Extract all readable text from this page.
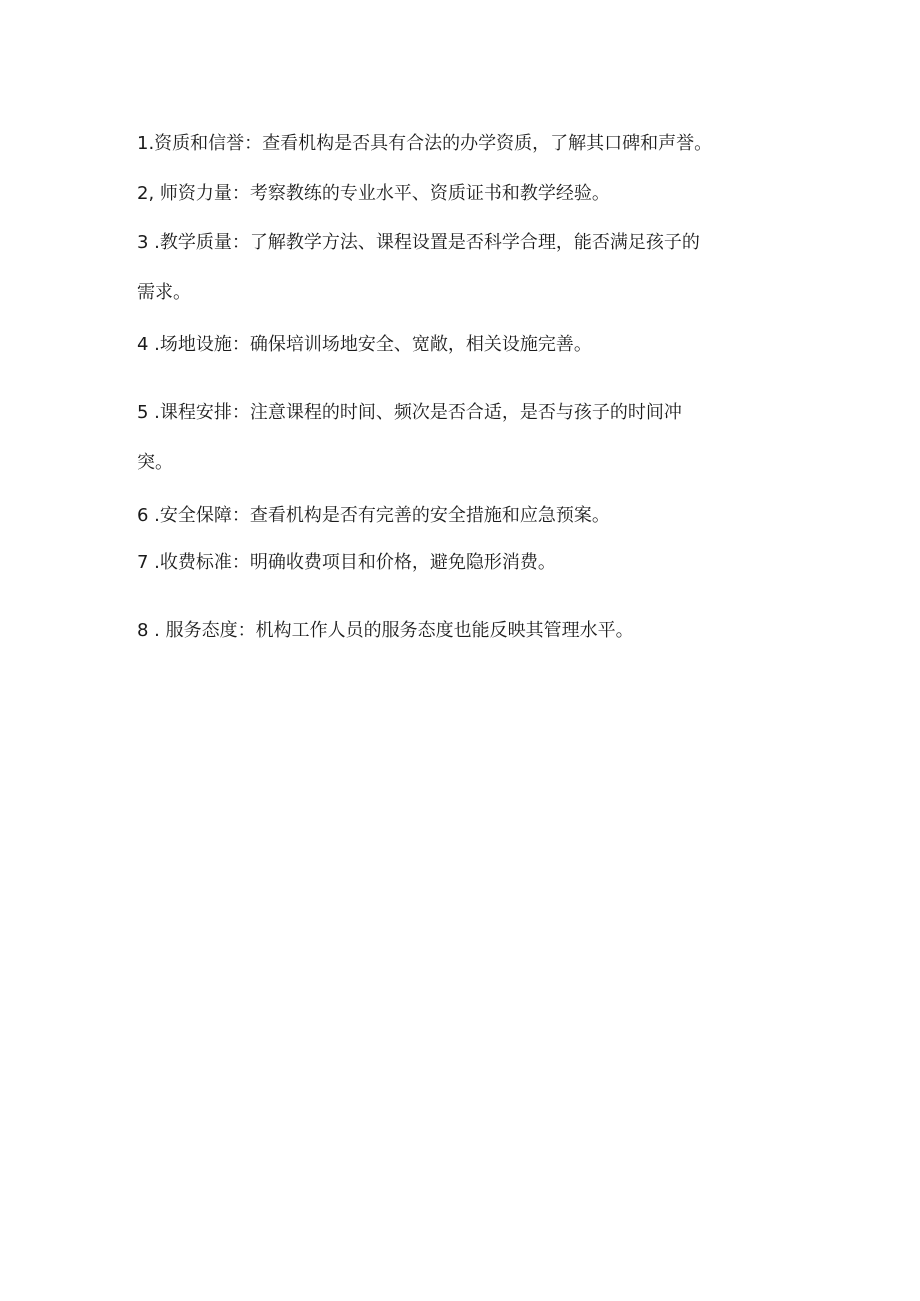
1.资质和信誉：查看机构是否具有合法的办学资质，了解其口碑和声誉。
2, 师资力量：考察教练的专业水平、资质证书和教学经验。
3 .教学质量：了解教学方法、课程设置是否科学合理，能否满足孩子的
需求。
4 .场地设施：确保培训场地安全、宽敞，相关设施完善。
5 .课程安排：注意课程的时间、频次是否合适，是否与孩子的时间冲
突。
6 .安全保障：查看机构是否有完善的安全措施和应急预案。
7 .收费标准：明确收费项目和价格，避免隐形消费。
8 . 服务态度：机构工作人员的服务态度也能反映其管理水平。
